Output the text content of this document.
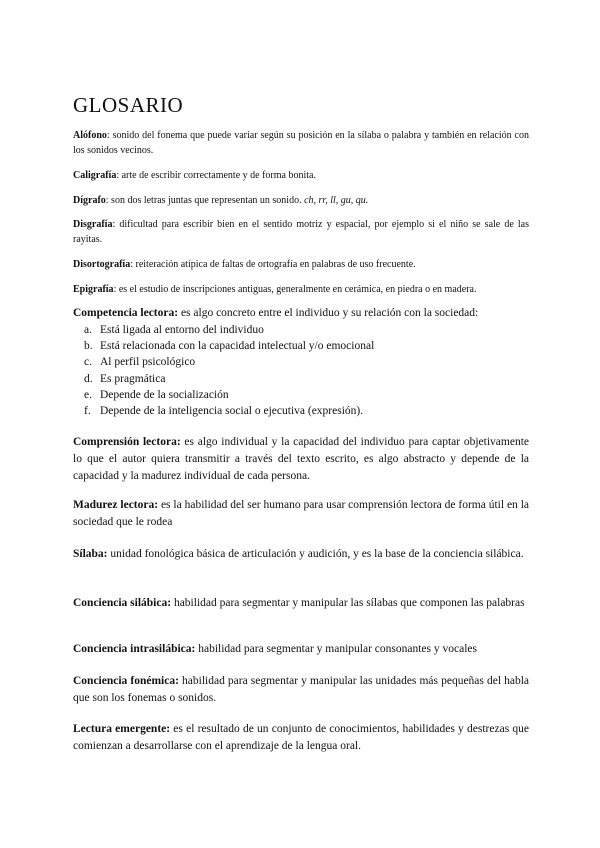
GLOSARIO

Alófono: sonido del fonema que puede variar según su posición en la sílaba o palabra y también en relación con los sonidos vecinos.

Caligrafía: arte de escribir correctamente y de forma bonita.

Dígrafo: son dos letras juntas que representan un sonido. ch, rr, ll, gu, qu.

Disgrafía: dificultad para escribir bien en el sentido motriz y espacial, por ejemplo si el niño se sale de las rayitas.

Disortografía: reiteración atípica de faltas de ortografía en palabras de uso frecuente.

Epigrafía: es el estudio de inscripciones antiguas, generalmente en cerámica, en piedra o en madera.

Competencia lectora: es algo concreto entre el individuo y su relación con la sociedad:

a. Está ligada al entorno del individuo
b. Está relacionada con la capacidad intelectual y/o emocional
c. Al perfil psicológico
d. Es pragmática
e. Depende de la socialización
f. Depende de la inteligencia social o ejecutiva (expresión).

Comprensión lectora: es algo individual y la capacidad del individuo para captar objetivamente lo que el autor quiera transmitir a través del texto escrito, es algo abstracto y depende de la capacidad y la madurez individual de cada persona.

Madurez lectora: es la habilidad del ser humano para usar comprensión lectora de forma útil en la sociedad que le rodea

Sílaba: unidad fonológica básica de articulación y audición, y es la base de la conciencia silábica.

Conciencia silábica: habilidad para segmentar y manipular las sílabas que componen las palabras

Conciencia intrasilábica: habilidad para segmentar y manipular consonantes y vocales

Conciencia fonémica: habilidad para segmentar y manipular las unidades más pequeñas del habla que son los fonemas o sonidos.

Lectura emergente: es el resultado de un conjunto de conocimientos, habilidades y destrezas que comienzan a desarrollarse con el aprendizaje de la lengua oral.
